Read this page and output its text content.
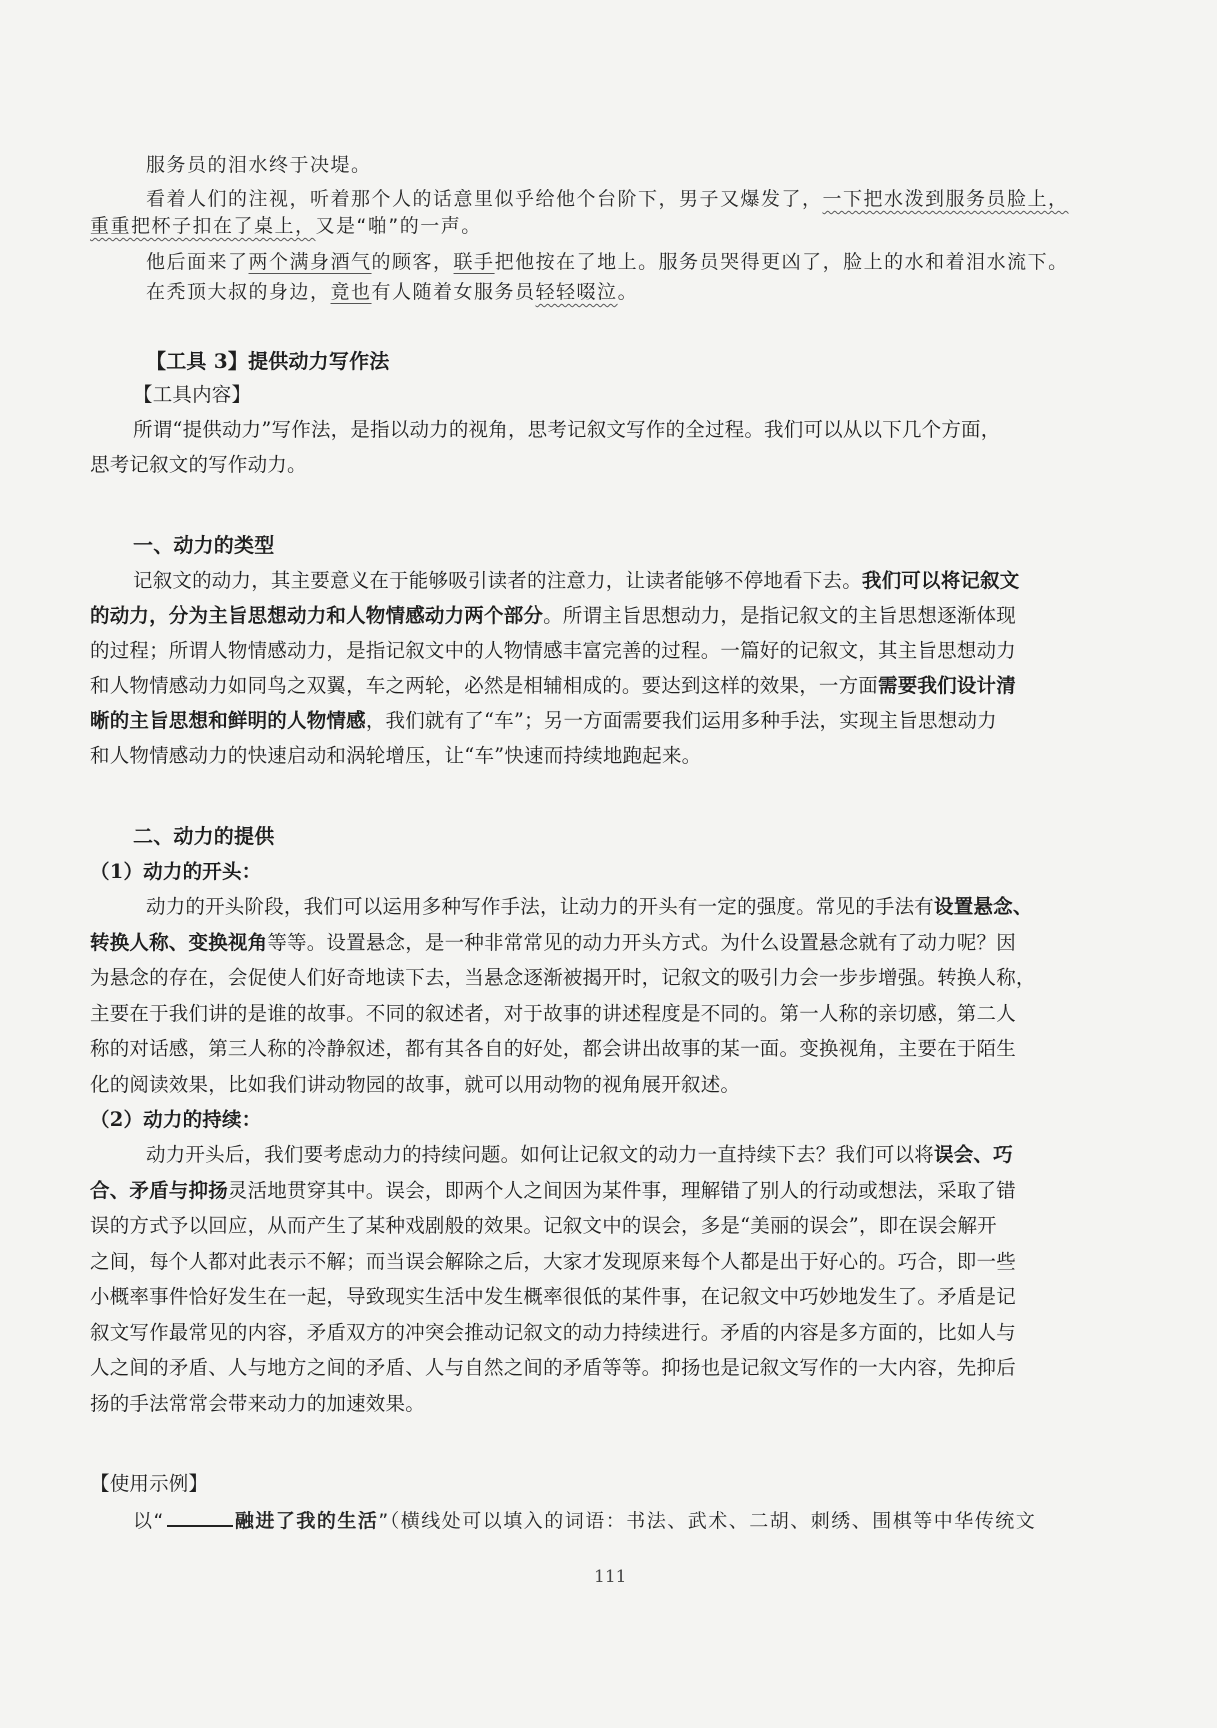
服务员的泪水终于决堤。
看着人们的注视，听着那个人的话意里似乎给他个台阶下，男子又爆发了，一下把水泼到服务员脸上，
重重把杯子扣在了桌上，又是“啪”的一声。
他后面来了两个满身酒气的顾客，联手把他按在了地上。服务员哭得更凶了，脸上的水和着泪水流下。
在秃顶大叔的身边，竟也有人随着女服务员轻轻啜泣。
【工具 3】提供动力写作法
【工具内容】
所谓“提供动力”写作法，是指以动力的视角，思考记叙文写作的全过程。我们可以从以下几个方面，
思考记叙文的写作动力。
一、动力的类型
记叙文的动力，其主要意义在于能够吸引读者的注意力，让读者能够不停地看下去。我们可以将记叙文
的动力，分为主旨思想动力和人物情感动力两个部分。所谓主旨思想动力，是指记叙文的主旨思想逐渐体现
的过程；所谓人物情感动力，是指记叙文中的人物情感丰富完善的过程。一篇好的记叙文，其主旨思想动力
和人物情感动力如同鸟之双翼，车之两轮，必然是相辅相成的。要达到这样的效果，一方面需要我们设计清
晰的主旨思想和鲜明的人物情感，我们就有了“车”；另一方面需要我们运用多种手法，实现主旨思想动力
和人物情感动力的快速启动和涡轮增压，让“车”快速而持续地跑起来。
二、动力的提供
（1）动力的开头：
动力的开头阶段，我们可以运用多种写作手法，让动力的开头有一定的强度。常见的手法有设置悬念、
转换人称、变换视角等等。设置悬念，是一种非常常见的动力开头方式。为什么设置悬念就有了动力呢？因
为悬念的存在，会促使人们好奇地读下去，当悬念逐渐被揭开时，记叙文的吸引力会一步步增强。转换人称，
主要在于我们讲的是谁的故事。不同的叙述者，对于故事的讲述程度是不同的。第一人称的亲切感，第二人
称的对话感，第三人称的冷静叙述，都有其各自的好处，都会讲出故事的某一面。变换视角，主要在于陌生
化的阅读效果，比如我们讲动物园的故事，就可以用动物的视角展开叙述。
（2）动力的持续：
动力开头后，我们要考虑动力的持续问题。如何让记叙文的动力一直持续下去？我们可以将误会、巧
合、矛盾与抑扬灵活地贯穿其中。误会，即两个人之间因为某件事，理解错了别人的行动或想法，采取了错
误的方式予以回应，从而产生了某种戏剧般的效果。记叙文中的误会，多是“美丽的误会”，即在误会解开
之间，每个人都对此表示不解；而当误会解除之后，大家才发现原来每个人都是出于好心的。巧合，即一些
小概率事件恰好发生在一起，导致现实生活中发生概率很低的某件事，在记叙文中巧妙地发生了。矛盾是记
叙文写作最常见的内容，矛盾双方的冲突会推动记叙文的动力持续进行。矛盾的内容是多方面的，比如人与
人之间的矛盾、人与地方之间的矛盾、人与自然之间的矛盾等等。抑扬也是记叙文写作的一大内容，先抑后
扬的手法常常会带来动力的加速效果。
【使用示例】
以“	融进了我的生活”（横线处可以填入的词语：书法、武术、二胡、刺绣、围棋等中华传统文
111
